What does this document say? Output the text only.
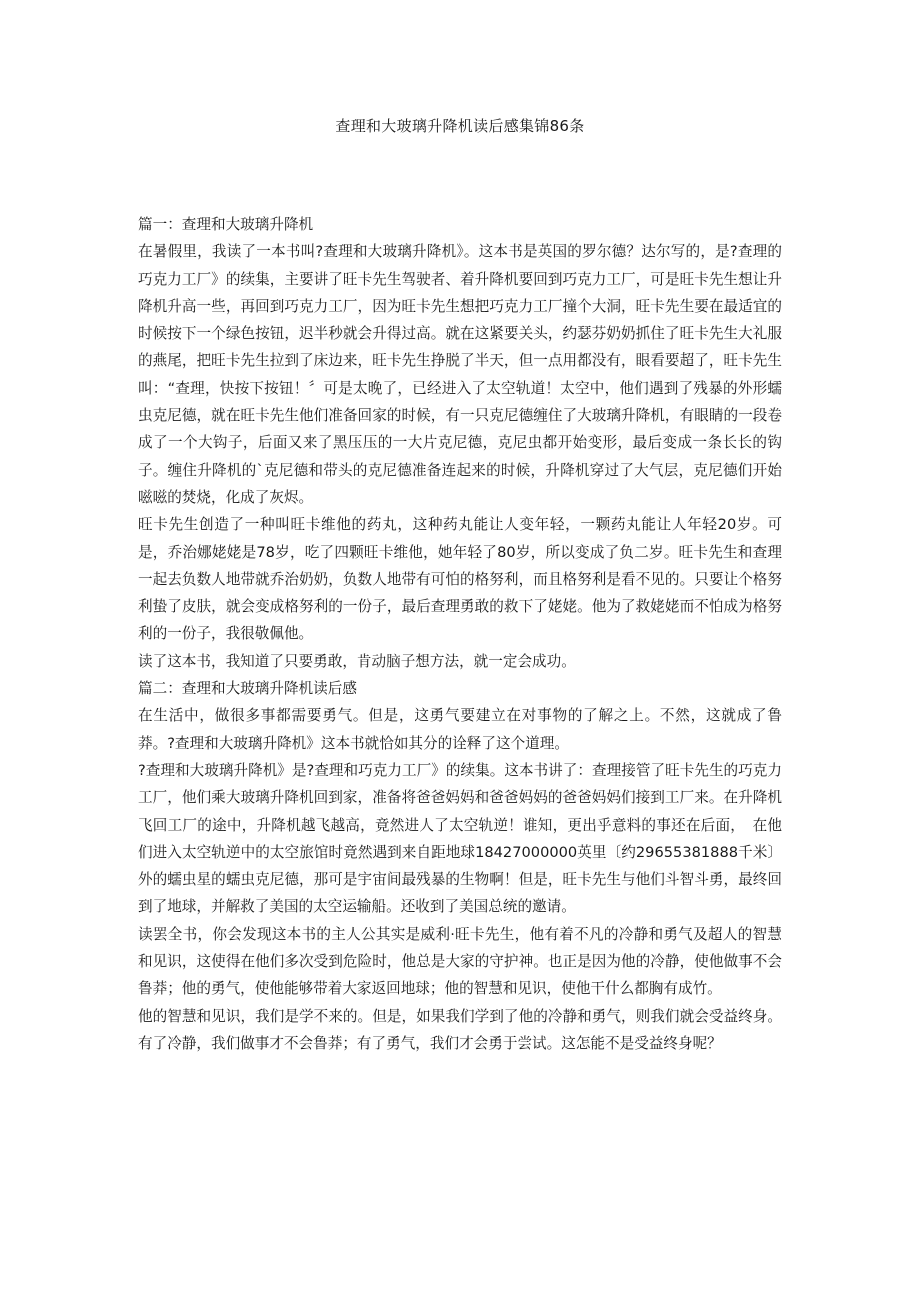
查理和大玻璃升降机读后感集锦86条

篇一：查理和大玻璃升降机

在暑假里，我读了一本书叫?查理和大玻璃升降机》。这本书是英国的罗尔德？达尔写的，是?查理的巧克力工厂》的续集，主要讲了旺卡先生驾驶者、着升降机要回到巧克力工厂，可是旺卡先生想让升降机升高一些，再回到巧克力工厂，因为旺卡先生想把巧克力工厂撞个大洞，旺卡先生要在最适宜的时候按下一个绿色按钮，迟半秒就会升得过高。就在这紧要关头，约瑟芬奶奶抓住了旺卡先生大礼服的燕尾，把旺卡先生拉到了床边来，旺卡先生挣脱了半天，但一点用都没有，眼看要超了，旺卡先生叫：“查理，快按下按钮！〞可是太晚了，已经进入了太空轨道！太空中，他们遇到了残暴的外形蠕虫克尼德，就在旺卡先生他们准备回家的时候，有一只克尼德缠住了大玻璃升降机，有眼睛的一段卷成了一个大钩子，后面又来了黑压压的一大片克尼德，克尼虫都开始变形，最后变成一条长长的钩子。缠住升降机的`克尼德和带头的克尼德准备连起来的时候，升降机穿过了大气层，克尼德们开始嗞嗞的焚烧，化成了灰烬。

旺卡先生创造了一种叫旺卡维他的药丸，这种药丸能让人变年轻，一颗药丸能让人年轻20岁。可是，乔治娜姥姥是78岁，吃了四颗旺卡维他，她年轻了80岁，所以变成了负二岁。旺卡先生和查理一起去负数人地带就乔治奶奶，负数人地带有可怕的格努利，而且格努利是看不见的。只要让个格努利蛰了皮肤，就会变成格努利的一份子，最后查理勇敢的救下了姥姥。他为了救姥姥而不怕成为格努利的一份子，我很敬佩他。

读了这本书，我知道了只要勇敢，肯动脑子想方法，就一定会成功。

篇二：查理和大玻璃升降机读后感

在生活中，做很多事都需要勇气。但是，这勇气要建立在对事物的了解之上。不然，这就成了鲁莽。?查理和大玻璃升降机》这本书就恰如其分的诠释了这个道理。

?查理和大玻璃升降机》是?查理和巧克力工厂》的续集。这本书讲了：查理接管了旺卡先生的巧克力工厂，他们乘大玻璃升降机回到家，准备将爸爸妈妈和爸爸妈妈的爸爸妈妈们接到工厂来。在升降机飞回工厂的途中，升降机越飞越高，竟然进人了太空轨逆！谁知，更出乎意料的事还在后面，　在他们进入太空轨逆中的太空旅馆时竟然遇到来自距地球18427000000英里〔约29655381888千米〕外的蠕虫星的蠕虫克尼德，那可是宇宙间最残暴的生物啊！但是，旺卡先生与他们斗智斗勇，最终回到了地球，并解救了美国的太空运输船。还收到了美国总统的邀请。

读罢全书，你会发现这本书的主人公其实是威利·旺卡先生，他有着不凡的冷静和勇气及超人的智慧和见识，这使得在他们多次受到危险时，他总是大家的守护神。也正是因为他的冷静，使他做事不会鲁莽；他的勇气，使他能够带着大家返回地球；他的智慧和见识，使他干什么都胸有成竹。

他的智慧和见识，我们是学不来的。但是，如果我们学到了他的冷静和勇气，则我们就会受益终身。有了冷静，我们做事才不会鲁莽；有了勇气，我们才会勇于尝试。这怎能不是受益终身呢？
